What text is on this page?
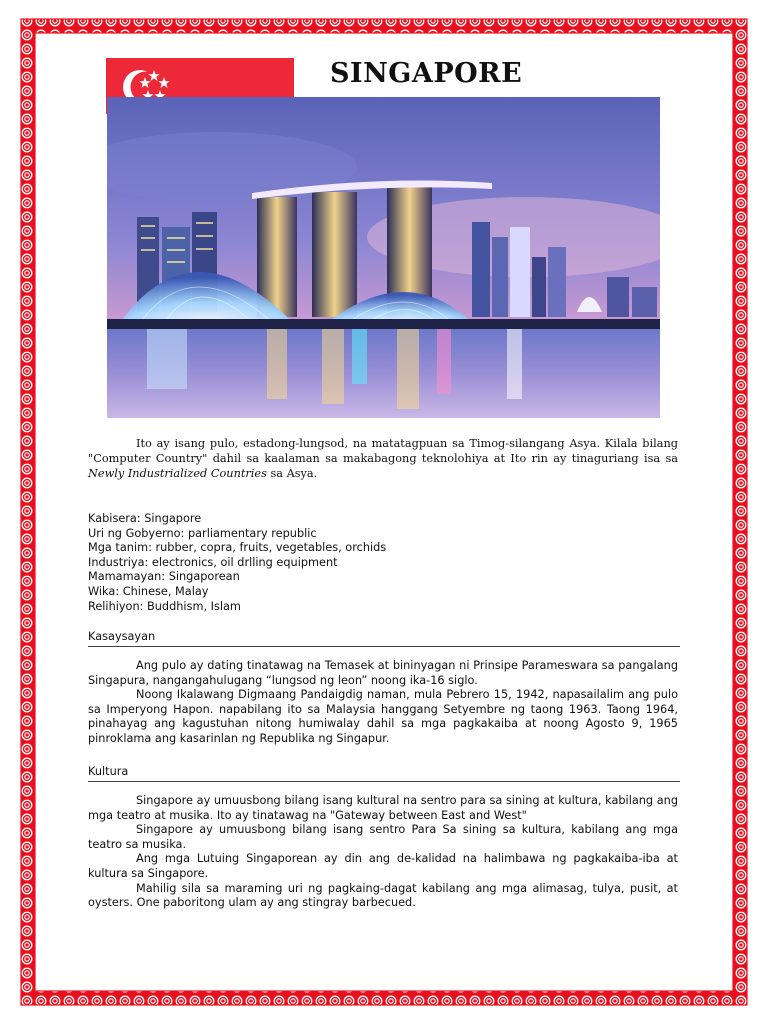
SINGAPORE

Ito ay isang pulo, estadong-lungsod, na matatagpuan sa Timog-silangang Asya. Kilala bilang "Computer Country" dahil sa kaalaman sa makabagong teknolohiya at Ito rin ay tinaguriang isa sa Newly Industrialized Countries sa Asya.

Kabisera: Singapore
Uri ng Gobyerno: parliamentary republic
Mga tanim: rubber, copra, fruits, vegetables, orchids
Industriya: electronics, oil drlling equipment
Mamamayan: Singaporean
Wika: Chinese, Malay
Relihiyon: Buddhism, Islam
Kasaysayan

Ang pulo ay dating tinatawag na Temasek at bininyagan ni Prinsipe Parameswara sa pangalang Singapura, nangangahulugang “lungsod ng leon” noong ika-16 siglo.

Noong Ikalawang Digmaang Pandaigdig naman, mula Pebrero 15, 1942, napasailalim ang pulo sa Imperyong Hapon. napabilang ito sa Malaysia hanggang Setyembre ng taong 1963. Taong 1964, pinahayag ang kagustuhan nitong humiwalay dahil sa mga pagkakaiba at noong Agosto 9, 1965 pinroklama ang kasarinlan ng Republika ng Singapur.

Kultura

Singapore ay umuusbong bilang isang kultural na sentro para sa sining at kultura, kabilang ang mga teatro at musika. Ito ay tinatawag na "Gateway between East and West"

Singapore ay umuusbong bilang isang sentro Para Sa sining sa kultura, kabilang ang mga teatro sa musika.

Ang mga Lutuing Singaporean ay din ang de-kalidad na halimbawa ng pagkakaiba-iba at kultura sa Singapore.

Mahilig sila sa maraming uri ng pagkaing-dagat kabilang ang mga alimasag, tulya, pusit, at oysters. One paboritong ulam ay ang stingray barbecued.
